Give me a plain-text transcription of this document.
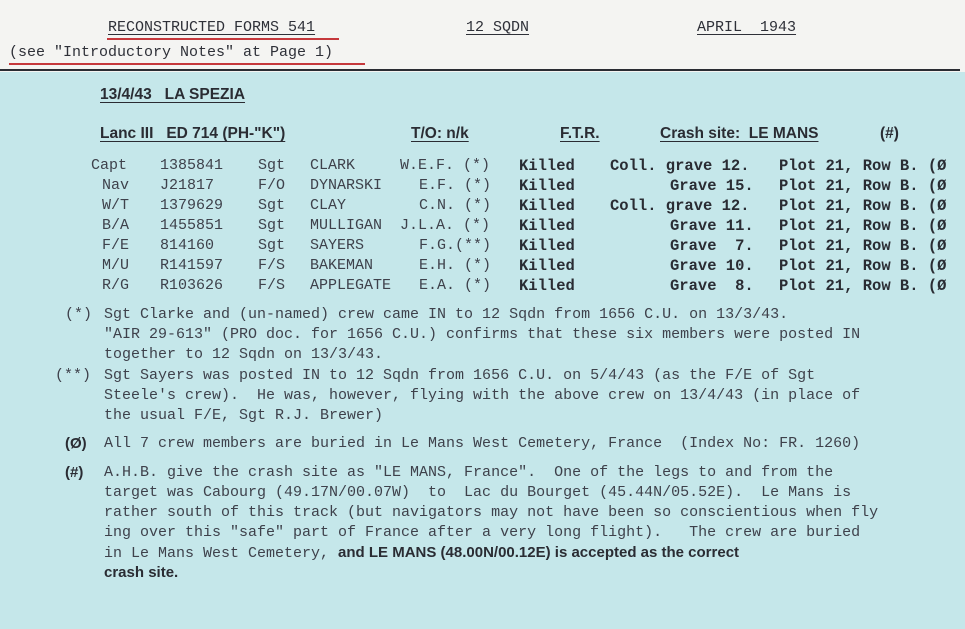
RECONSTRUCTED FORMS 541	12 SQDN	APRIL  1943
(see "Introductory Notes" at Page 1)
13/4/43   LA SPEZIA
Lanc III   ED 714 (PH-"K")	T/O: n/k	F.T.R.	Crash site:  LE MANS	(#)
Capt 1385841 Sgt CLARK	W.E.F. (*) Killed Coll. grave 12. Plot 21, Row B. (Ø
Nav J21817	F/O DYNARSKI E.F. (*) Killed	Grave 15. Plot 21, Row B. (Ø
W/T 1379629 Sgt CLAY	C.N. (*) Killed Coll. grave 12. Plot 21, Row B. (Ø
B/A 1455851 Sgt MULLIGAN J.L.A. (*) Killed	Grave 11. Plot 21, Row B. (Ø
F/E 814160	Sgt SAYERS	F.G.(**) Killed	Grave  7. Plot 21, Row B. (Ø
M/U R141597 F/S BAKEMAN	E.H. (*) Killed	Grave 10. Plot 21, Row B. (Ø
R/G R103626 F/S APPLEGATE E.A. (*) Killed	Grave  8. Plot 21, Row B. (Ø
(*) Sgt Clarke and (un-named) crew came IN to 12 Sqdn from 1656 C.U. on 13/3/43.
"AIR 29-613" (PRO doc. for 1656 C.U.) confirms that these six members were posted IN
together to 12 Sqdn on 13/3/43.
(**) Sgt Sayers was posted IN to 12 Sqdn from 1656 C.U. on 5/4/43 (as the F/E of Sgt
Steele's crew).  He was, however, flying with the above crew on 13/4/43 (in place of
the usual F/E, Sgt R.J. Brewer)
(Ø) All 7 crew members are buried in Le Mans West Cemetery, France  (Index No: FR. 1260)
(#) A.H.B. give the crash site as "LE MANS, France".  One of the legs to and from the
target was Cabourg (49.17N/00.07W)  to  Lac du Bourget (45.44N/05.52E).  Le Mans is
rather south of this track (but navigators may not have been so conscientious when fly
ing over this "safe" part of France after a very long flight).   The crew are buried
in Le Mans West Cemetery, and LE MANS (48.00N/00.12E) is accepted as the correct
crash site.
